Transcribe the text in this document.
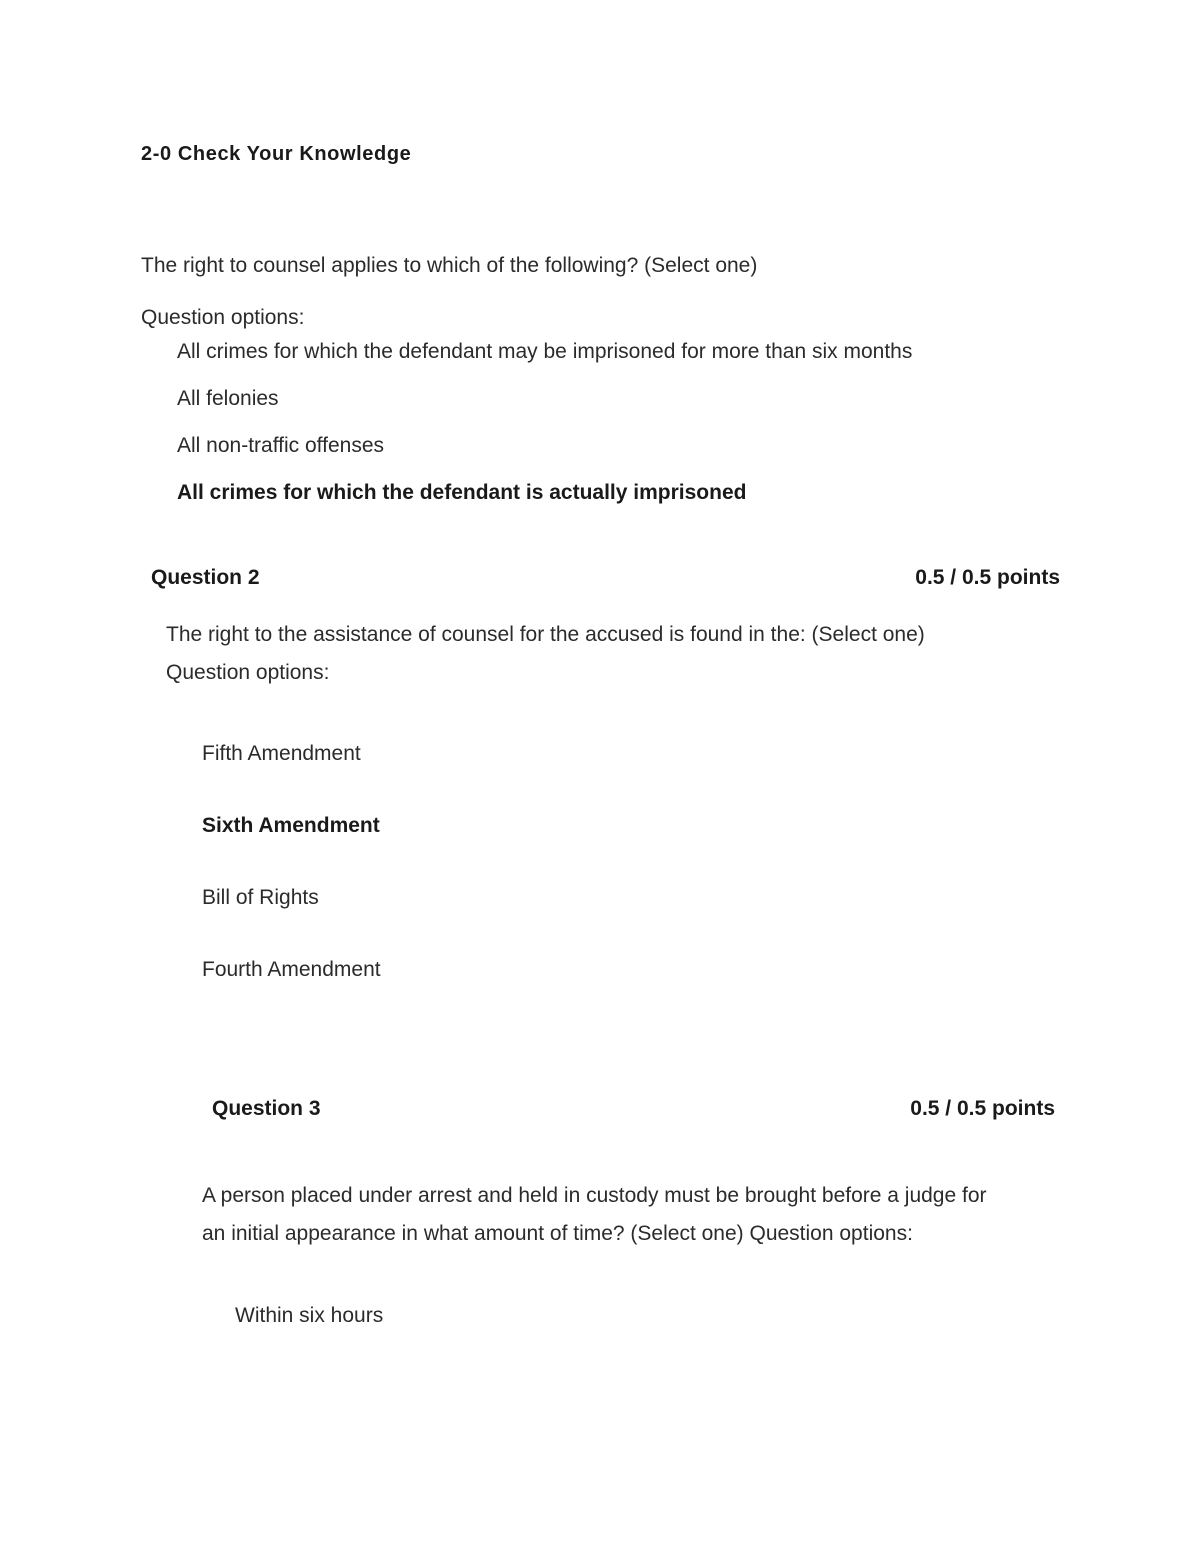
2-0 Check Your Knowledge
The right to counsel applies to which of the following? (Select one)
Question options:
All crimes for which the defendant may be imprisoned for more than six months
All felonies
All non-traffic offenses
All crimes for which the defendant is actually imprisoned
Question 2	0.5 / 0.5 points
The right to the assistance of counsel for the accused is found in the: (Select one)
Question options:
Fifth Amendment
Sixth Amendment
Bill of Rights
Fourth Amendment
Question 3	0.5 / 0.5 points
A person placed under arrest and held in custody must be brought before a judge for
an initial appearance in what amount of time? (Select one) Question options:
Within six hours
